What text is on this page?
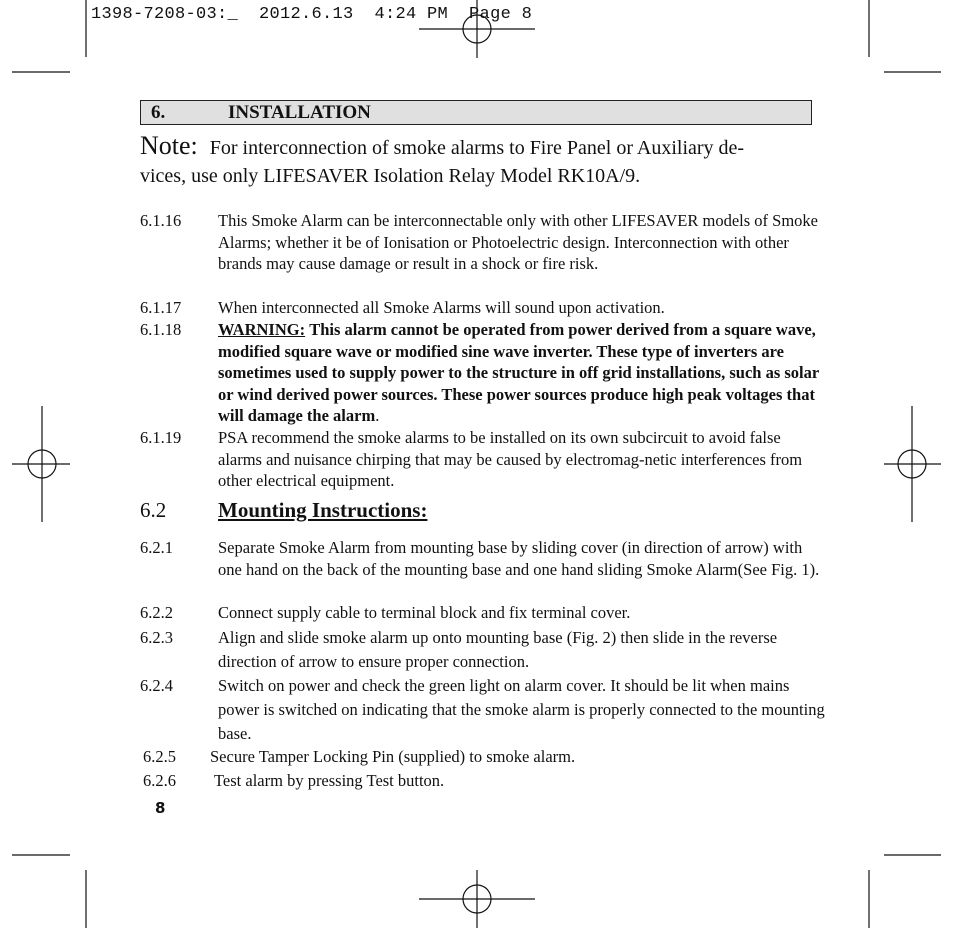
1398-7208-03:_  2012.6.13  4:24 PM  Page 8
6.	INSTALLATION
Note: For interconnection of smoke alarms to Fire Panel or Auxiliary de-
vices, use only LIFESAVER Isolation Relay Model RK10A/9.
6.1.16 This Smoke Alarm can be interconnectable only with other LIFESAVER models of Smoke Alarms; whether it be of Ionisation or Photoelectric design. Interconnection with other brands may cause damage or result in a shock or fire risk.
6.1.17 When interconnected all Smoke Alarms will sound upon activation.
6.1.18 WARNING: This alarm cannot be operated from power derived from a square wave, modified square wave or modified sine wave inverter. These type of inverters are sometimes used to supply power to the structure in off grid installations, such as solar or wind derived power sources. These power sources produce high peak voltages that will damage the alarm.
6.1.19 PSA recommend the smoke alarms to be installed on its own subcircuit to avoid false alarms and nuisance chirping that may be caused by electromag-netic interferences from other electrical equipment.
6.2 Mounting Instructions:
6.2.1	Separate Smoke Alarm from mounting base by sliding cover (in direction of arrow) with one hand on the back of the mounting base and one hand sliding Smoke Alarm(See Fig. 1).
6.2.2	Connect supply cable to terminal block and fix terminal cover.
6.2.3	Align and slide smoke alarm up onto mounting base (Fig. 2) then slide in the reverse direction of arrow to ensure proper connection.
6.2.4	Switch on power and check the green light on alarm cover. It should be lit when mains power is switched on indicating that the smoke alarm is properly connected to the mounting base.
6.2.5 Secure Tamper Locking Pin (supplied) to smoke alarm.
6.2.6 Test alarm by pressing Test button.
8
